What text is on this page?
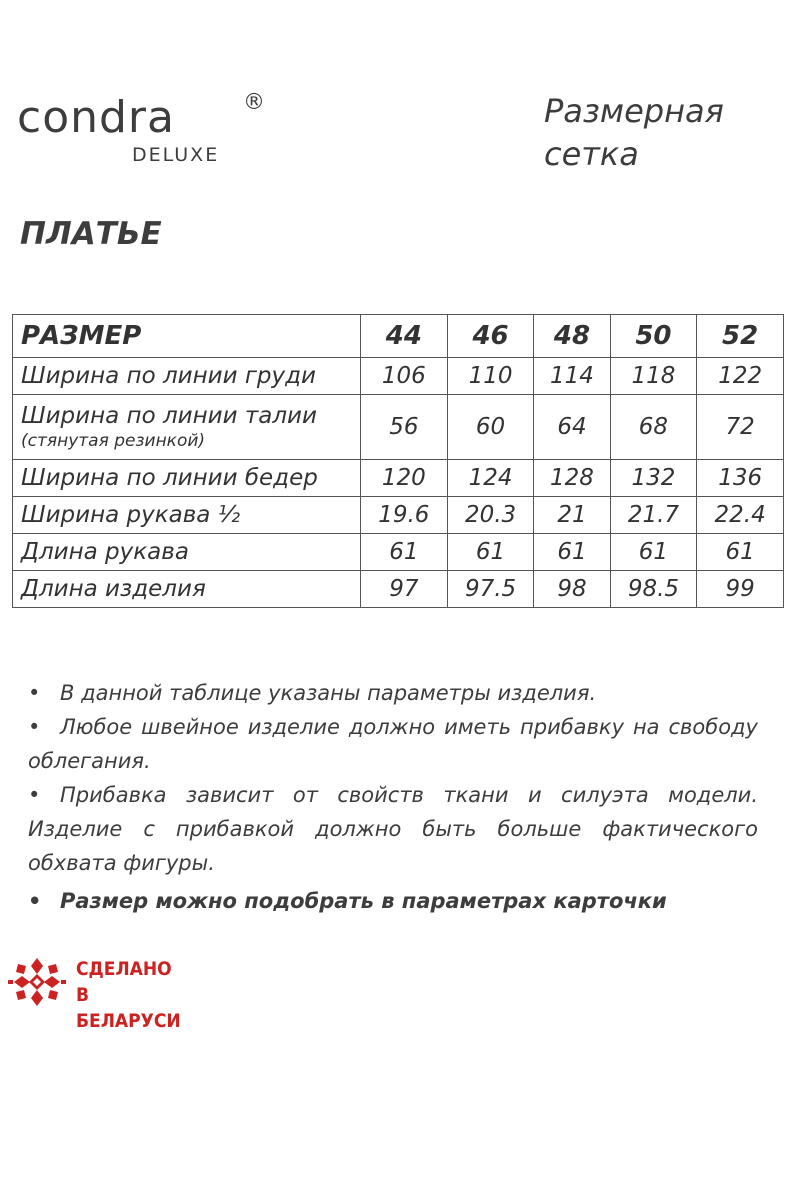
condra	®
DELUXE
Размерная
сетка
ПЛАТЬЕ
РАЗМЕР	44	46	48	50	52
Ширина по линии груди	106	110	114	118	122
Ширина по линии талии
(стянутая резинкой)	56	60	64	68	72
Ширина по линии бедер	120	124	128	132	136
Ширина рукава ½	19.6	20.3	21	21.7	22.4
Длина рукава	61	61	61	61	61
Длина изделия	97	97.5	98	98.5	99
• В данной таблице указаны параметры изделия.
• Любое швейное изделие должно иметь прибавку на свободу облегания.
• Прибавка зависит от свойств ткани и силуэта модели. Изделие с прибавкой должно быть больше фактического обхвата фигуры.
• Размер можно подобрать в параметрах карточки
СДЕЛАНО
В БЕЛАРУСИ
